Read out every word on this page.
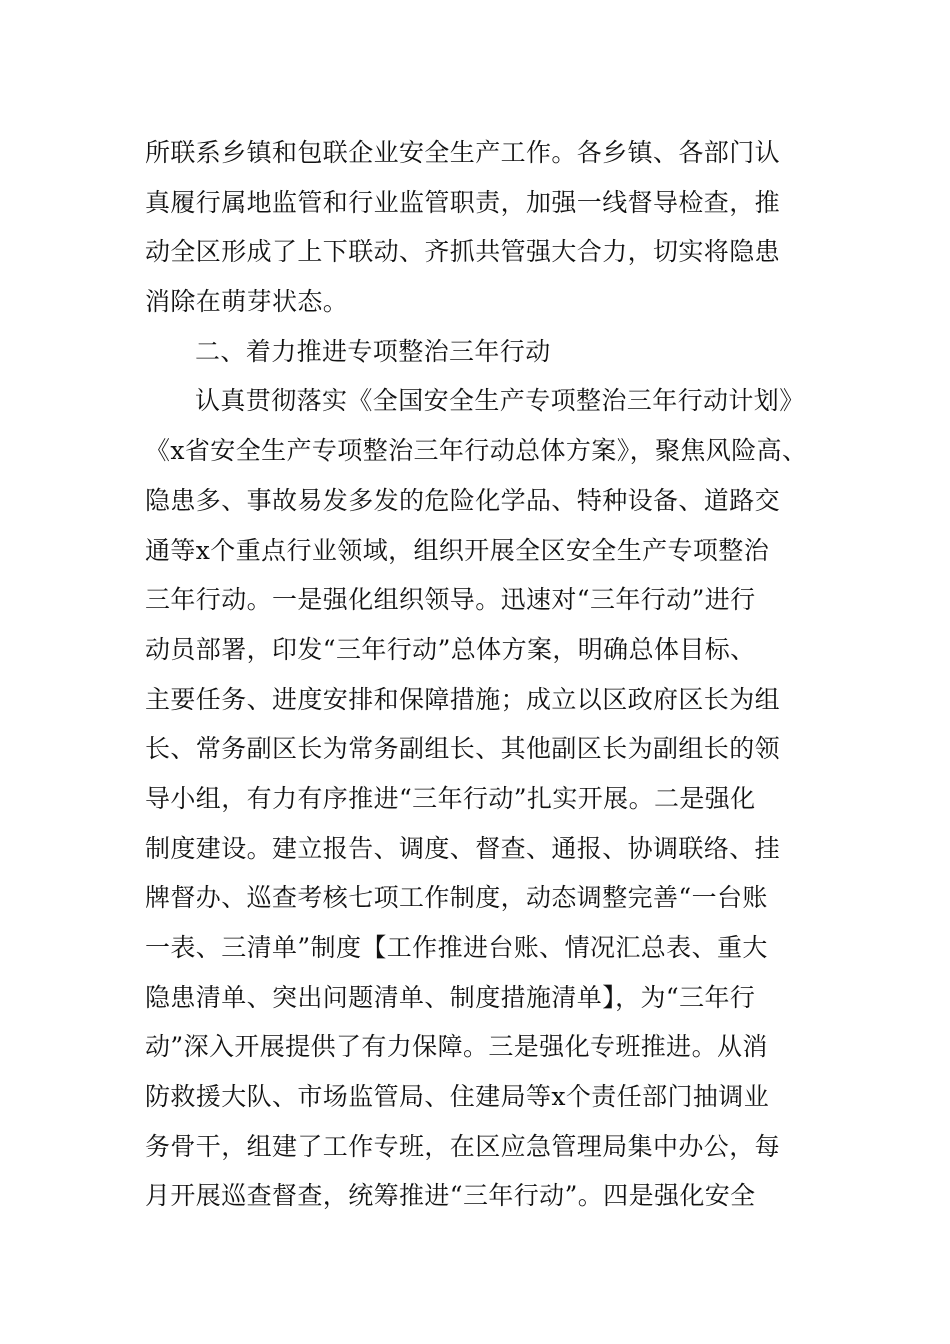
所联系乡镇和包联企业安全生产工作。各乡镇、各部门认
真履行属地监管和行业监管职责，加强一线督导检查，推
动全区形成了上下联动、齐抓共管强大合力，切实将隐患
消除在萌芽状态。
二、着力推进专项整治三年行动
认真贯彻落实《全国安全生产专项整治三年行动计划》
《x省安全生产专项整治三年行动总体方案》，聚焦风险高、
隐患多、事故易发多发的危险化学品、特种设备、道路交
通等x个重点行业领域，组织开展全区安全生产专项整治
三年行动。一是强化组织领导。迅速对“三年行动”进行
动员部署，印发“三年行动”总体方案，明确总体目标、
主要任务、进度安排和保障措施；成立以区政府区长为组
长、常务副区长为常务副组长、其他副区长为副组长的领
导小组，有力有序推进“三年行动”扎实开展。二是强化
制度建设。建立报告、调度、督查、通报、协调联络、挂
牌督办、巡查考核七项工作制度，动态调整完善“一台账
一表、三清单”制度【工作推进台账、情况汇总表、重大
隐患清单、突出问题清单、制度措施清单】，为“三年行
动”深入开展提供了有力保障。三是强化专班推进。从消
防救援大队、市场监管局、住建局等x个责任部门抽调业
务骨干，组建了工作专班，在区应急管理局集中办公，每
月开展巡查督查，统筹推进“三年行动”。四是强化安全
